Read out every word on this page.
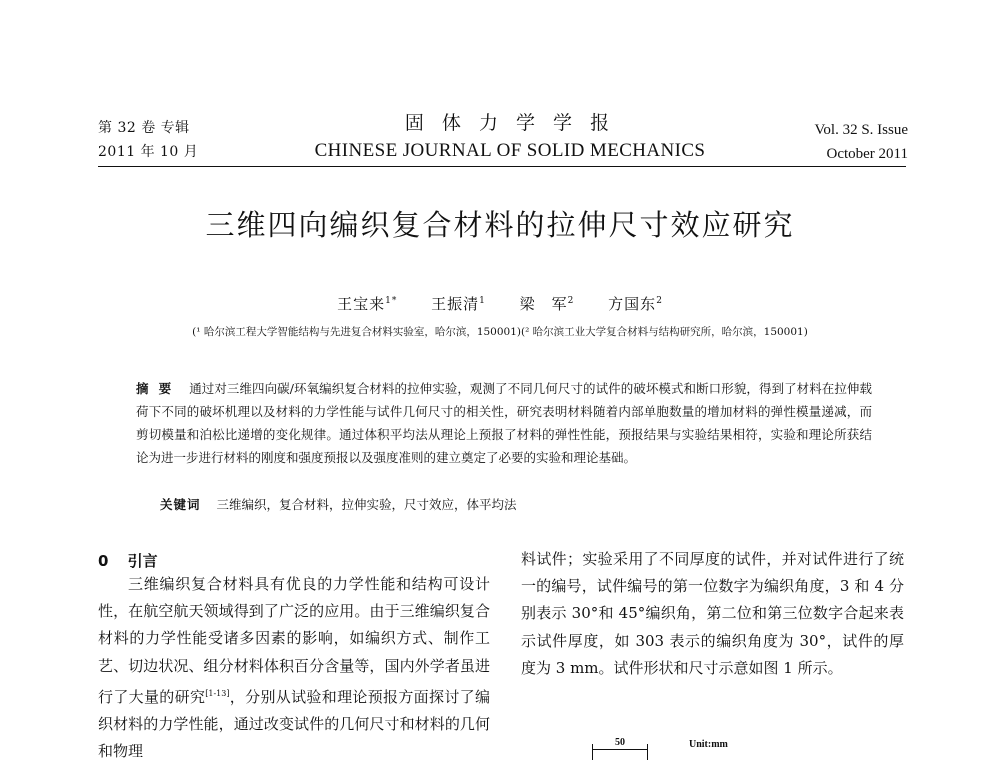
第 32 卷 专辑
2011 年 10 月
固 体 力 学 学 报
CHINESE JOURNAL OF SOLID MECHANICS
Vol. 32 S. Issue
October 2011
三维四向编织复合材料的拉伸尺寸效应研究
王宝来$^{1*}$ 王振清$^1$ 梁　军$^2$ 方国东$^2$
(¹ 哈尔滨工程大学智能结构与先进复合材料实验室，哈尔滨，150001)(² 哈尔滨工业大学复合材料与结构研究所，哈尔滨，150001)
摘要 通过对三维四向碳/环氧编织复合材料的拉伸实验，观测了不同几何尺寸的试件的破坏模式和断口形貌，得到了材料在拉伸载荷下不同的破坏机理以及材料的力学性能与试件几何尺寸的相关性，研究表明材料随着内部单胞数量的增加材料的弹性模量递减，而剪切模量和泊松比递增的变化规律。通过体积平均法从理论上预报了材料的弹性性能，预报结果与实验结果相符，实验和理论所获结论为进一步进行材料的刚度和强度预报以及强度准则的建立奠定了必要的实验和理论基础。
关键词 三维编织，复合材料，拉伸实验，尺寸效应，体平均法
0 引言

三维编织复合材料具有优良的力学性能和结构可设计性，在航空航天领域得到了广泛的应用。由于三维编织复合材料的力学性能受诸多因素的影响，如编织方式、制作工艺、切边状况、组分材料体积百分含量等，国内外学者虽进行了大量的研究[1-13]，分别从试验和理论预报方面探讨了编织材料的力学性能，通过改变试件的几何尺寸和材料的几何和物理

料试件；实验采用了不同厚度的试件，并对试件进行了统一的编号，试件编号的第一位数字为编织角度，3 和 4 分别表示 30°和 45°编织角，第二位和第三位数字合起来表示试件厚度，如 303 表示的编织角度为 30°，试件的厚度为 3 mm。试件形状和尺寸示意如图 1 所示。

50	Unit:mm
